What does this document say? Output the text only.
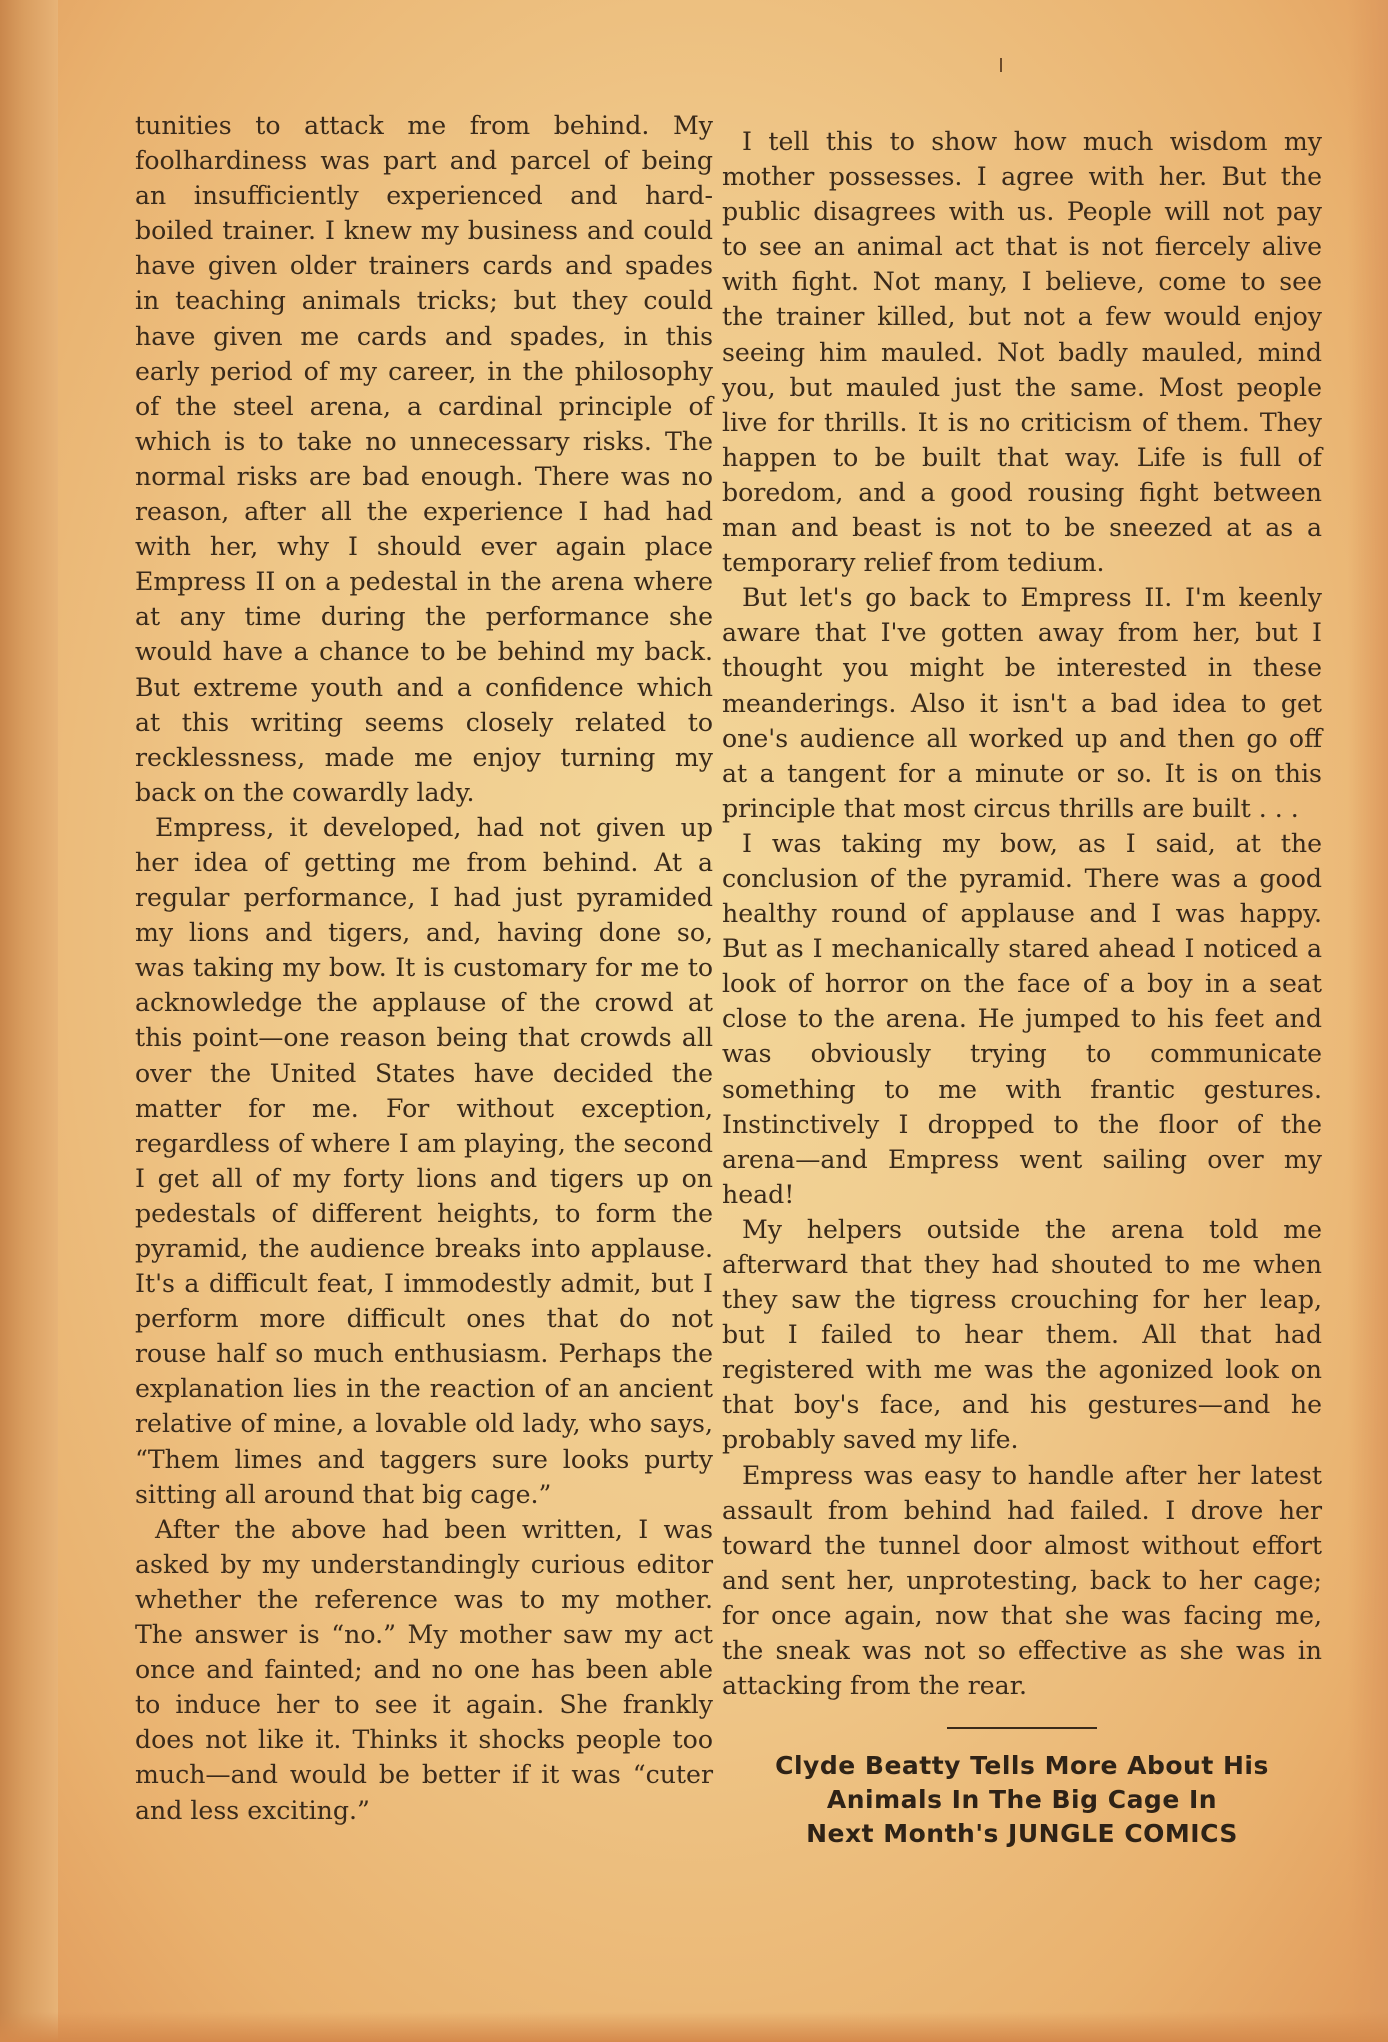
tunities to attack me from behind. My foolhardiness was part and parcel of being an insufficiently experienced and hard-boiled trainer. I knew my business and could have given older trainers cards and spades in teaching animals tricks; but they could have given me cards and spades, in this early period of my career, in the philosophy of the steel arena, a cardinal principle of which is to take no unnecessary risks. The normal risks are bad enough. There was no reason, after all the experience I had had with her, why I should ever again place Empress II on a pedestal in the arena where at any time during the performance she would have a chance to be behind my back. But extreme youth and a confidence which at this writing seems closely related to recklessness, made me enjoy turning my back on the cowardly lady.

Empress, it developed, had not given up her idea of getting me from behind. At a regular performance, I had just pyramided my lions and tigers, and, having done so, was taking my bow. It is customary for me to acknowledge the applause of the crowd at this point—one reason being that crowds all over the United States have decided the matter for me. For without exception, regardless of where I am playing, the second I get all of my forty lions and tigers up on pedestals of different heights, to form the pyramid, the audience breaks into applause. It's a difficult feat, I immodestly admit, but I perform more difficult ones that do not rouse half so much enthusiasm. Perhaps the explanation lies in the reaction of an ancient relative of mine, a lovable old lady, who says, “Them limes and taggers sure looks purty sitting all around that big cage.”

After the above had been written, I was asked by my understandingly curious editor whether the reference was to my mother. The answer is “no.” My mother saw my act once and fainted; and no one has been able to induce her to see it again. She frankly does not like it. Thinks it shocks people too much—and would be better if it was “cuter and less exciting.”

I tell this to show how much wisdom my mother possesses. I agree with her. But the public disagrees with us. People will not pay to see an animal act that is not fiercely alive with fight. Not many, I believe, come to see the trainer killed, but not a few would enjoy seeing him mauled. Not badly mauled, mind you, but mauled just the same. Most people live for thrills. It is no criticism of them. They happen to be built that way. Life is full of boredom, and a good rousing fight between man and beast is not to be sneezed at as a temporary relief from tedium.

But let's go back to Empress II. I'm keenly aware that I've gotten away from her, but I thought you might be interested in these meanderings. Also it isn't a bad idea to get one's audience all worked up and then go off at a tangent for a minute or so. It is on this principle that most circus thrills are built . . .

I was taking my bow, as I said, at the conclusion of the pyramid. There was a good healthy round of applause and I was happy. But as I mechanically stared ahead I noticed a look of horror on the face of a boy in a seat close to the arena. He jumped to his feet and was obviously trying to communicate something to me with frantic gestures. Instinctively I dropped to the floor of the arena—and Empress went sailing over my head!

My helpers outside the arena told me afterward that they had shouted to me when they saw the tigress crouching for her leap, but I failed to hear them. All that had registered with me was the agonized look on that boy's face, and his gestures—and he probably saved my life.

Empress was easy to handle after her latest assault from behind had failed. I drove her toward the tunnel door almost without effort and sent her, unprotesting, back to her cage; for once again, now that she was facing me, the sneak was not so effective as she was in attacking from the rear.

Clyde Beatty Tells More About His
Animals In The Big Cage In
Next Month's JUNGLE COMICS
